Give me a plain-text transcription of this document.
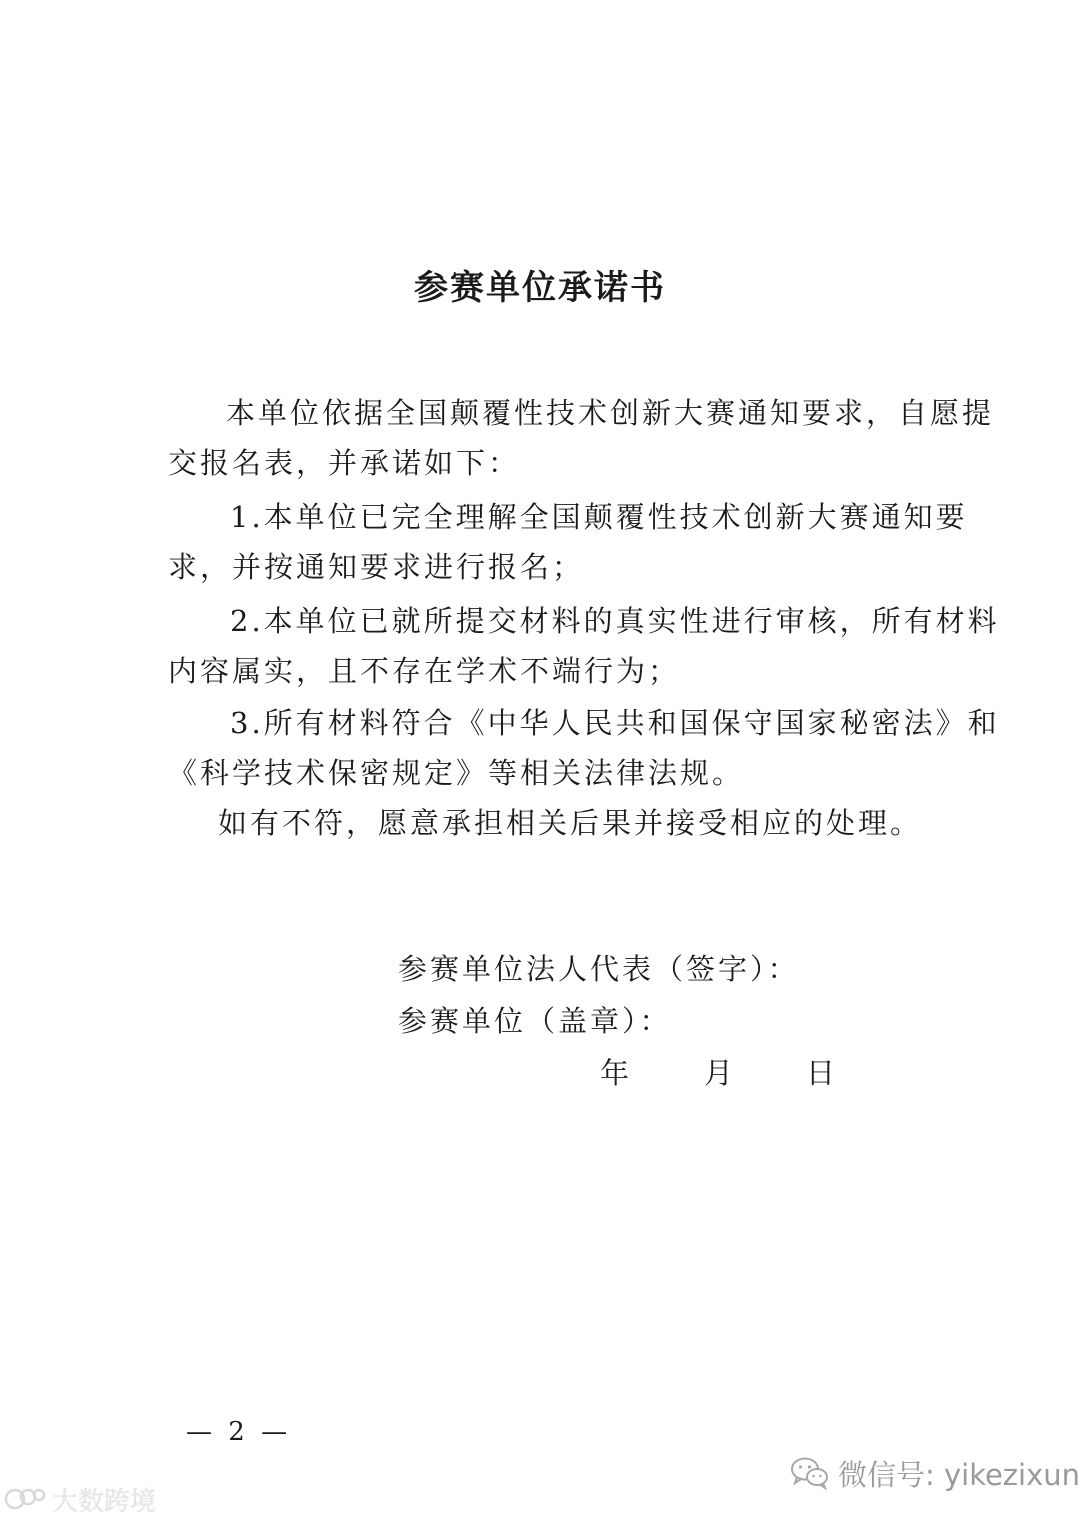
参赛单位承诺书

本单位依据全国颠覆性技术创新大赛通知要求，自愿提

交报名表，并承诺如下：

1.本单位已完全理解全国颠覆性技术创新大赛通知要

求，并按通知要求进行报名；

2.本单位已就所提交材料的真实性进行审核，所有材料

内容属实，且不存在学术不端行为；

3.所有材料符合《中华人民共和国保守国家秘密法》和

《科学技术保密规定》等相关法律法规。

如有不符，愿意承担相关后果并接受相应的处理。

参赛单位法人代表（签字）：

参赛单位（盖章）：

年	月	日
— 2 —
微信号: yikezixun
大数跨境
